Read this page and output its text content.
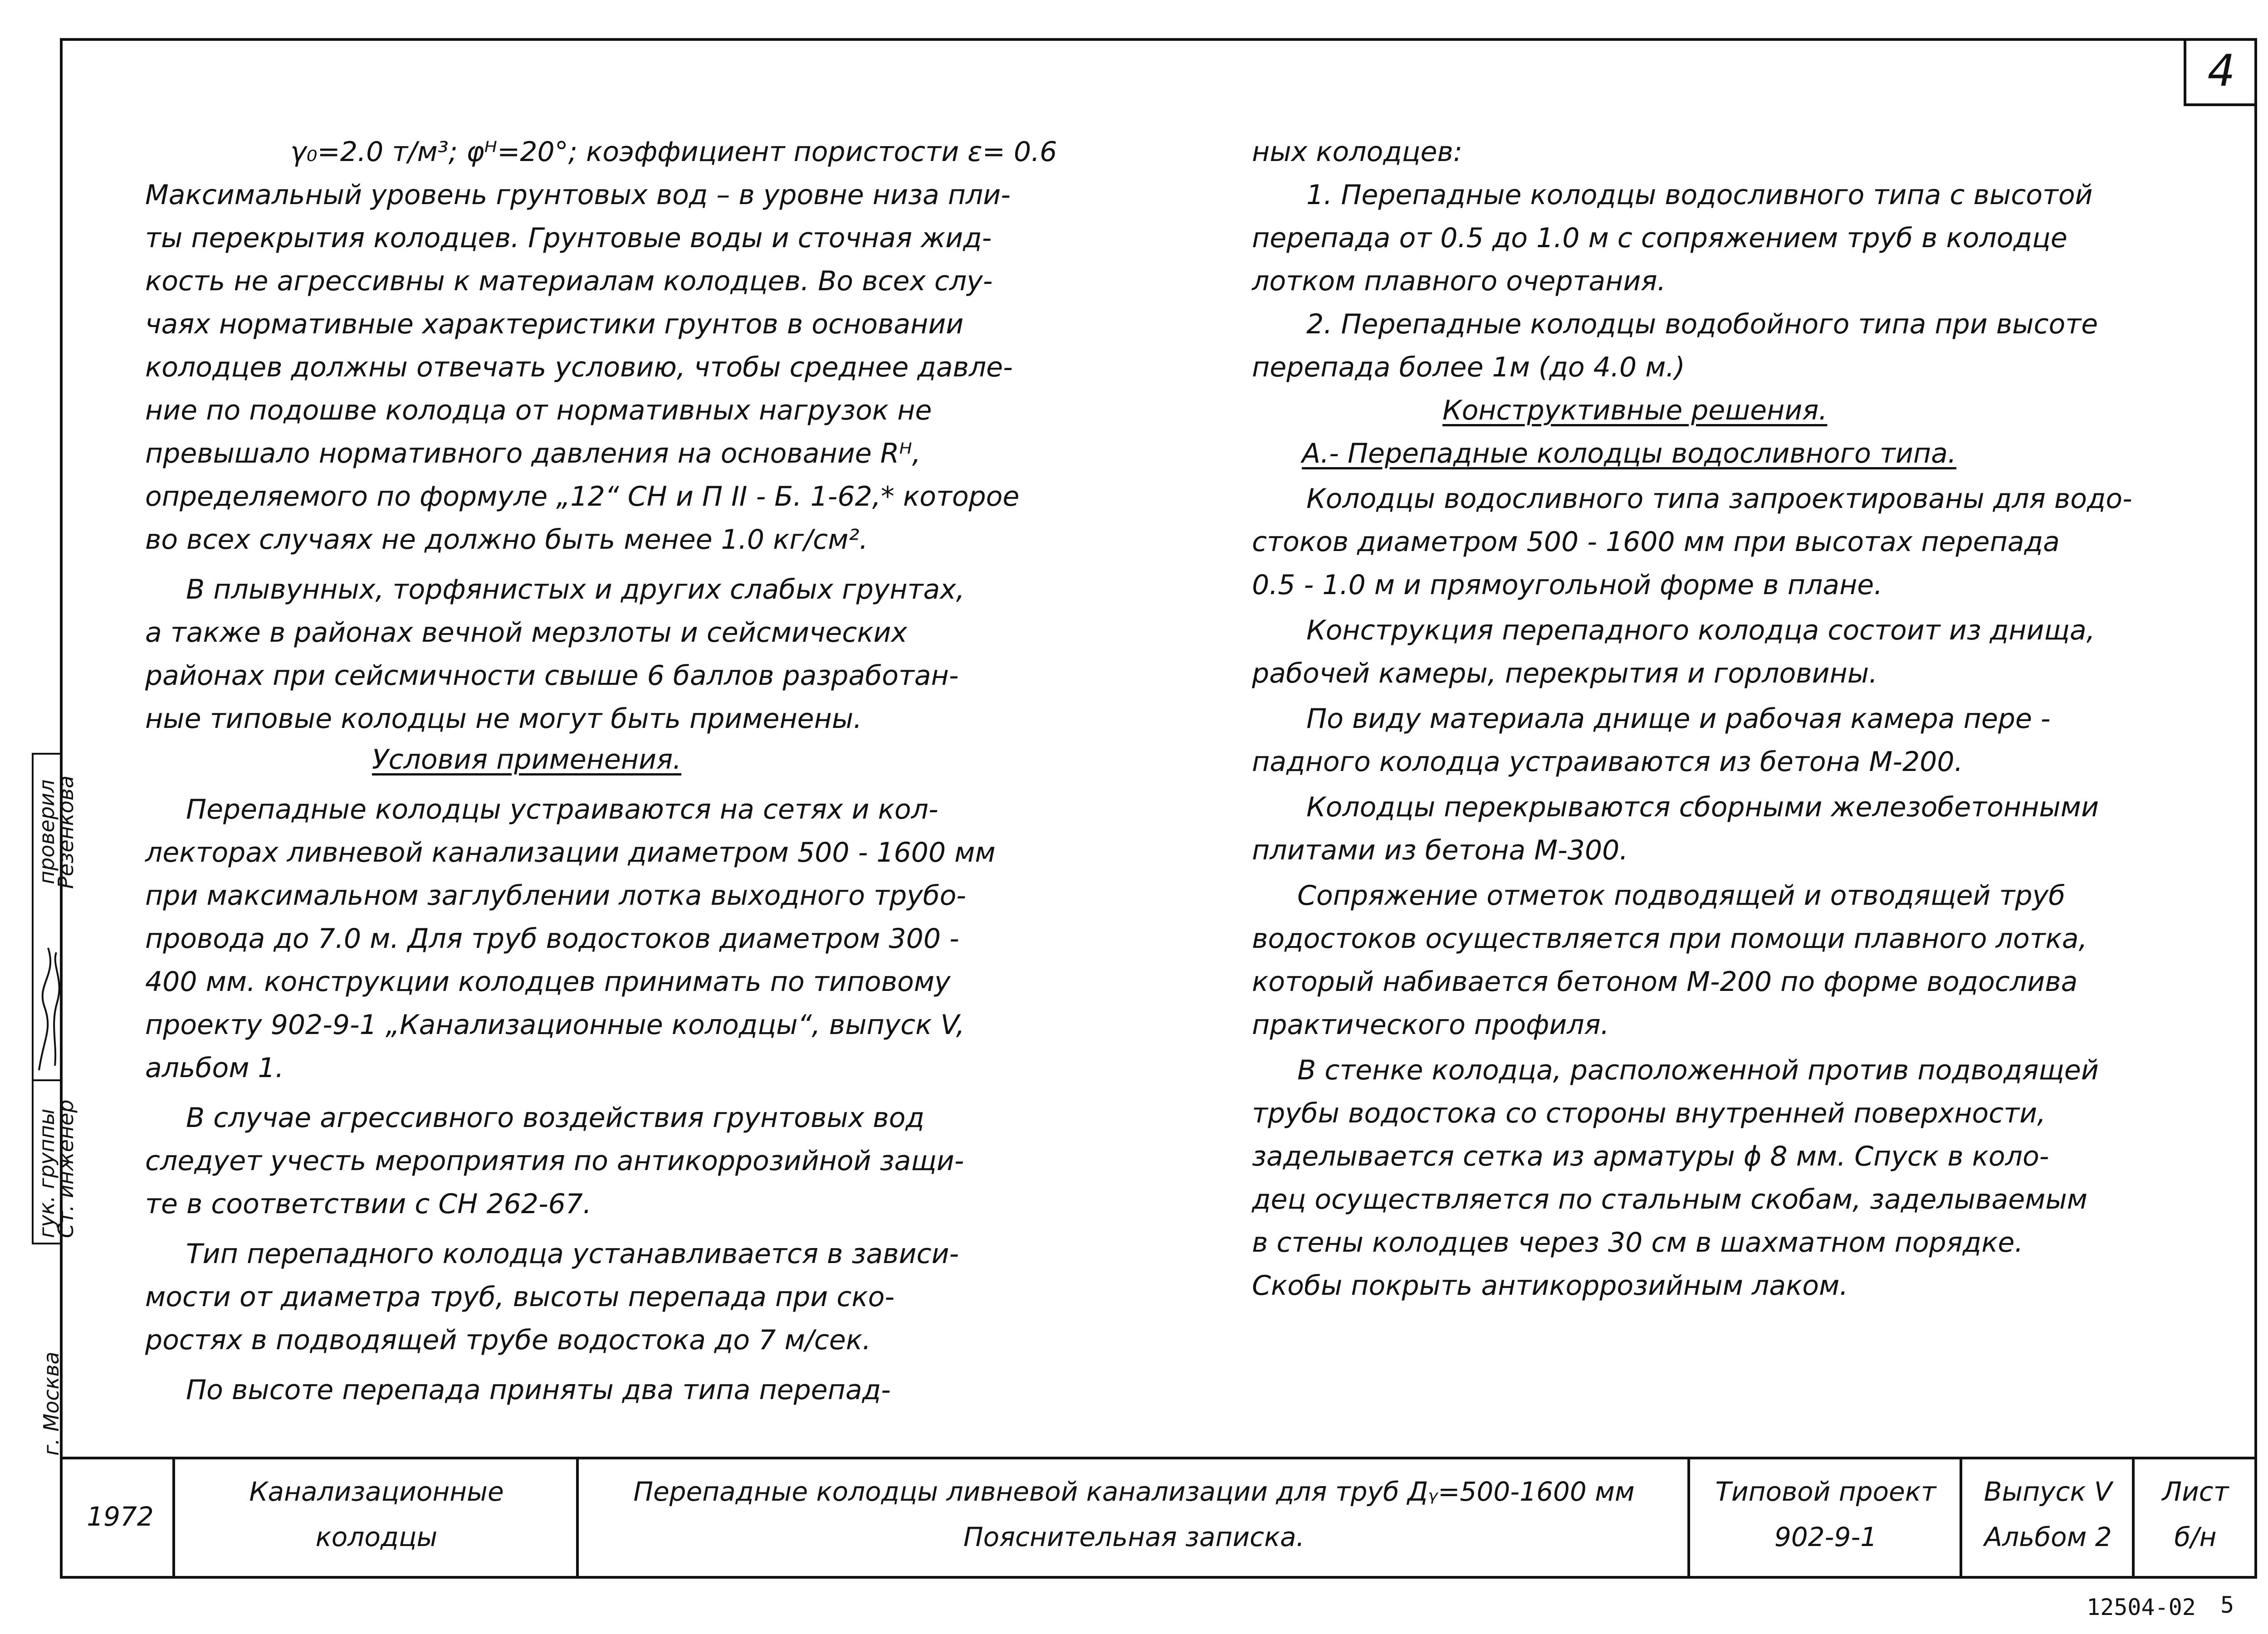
4
γ₀=2.0 т/м³; φᴴ=20°; коэффициент пористости ε= 0.6
Максимальный уровень грунтовых вод – в уровне низа пли-
ты перекрытия колодцев. Грунтовые воды и сточная жид-
кость не агрессивны к материалам колодцев. Во всех слу-
чаях нормативные характеристики грунтов в основании
колодцев должны отвечать условию, чтобы среднее давле-
ние по подошве колодца от нормативных нагрузок не
превышало нормативного давления на основание Rᴴ,
определяемого по формуле „12“ СН и П II - Б. 1-62,* которое
во всех случаях не должно быть менее 1.0 кг/см².
В плывунных, торфянистых и других слабых грунтах,
а также в районах вечной мерзлоты и сейсмических
районах при сейсмичности свыше 6 баллов разработан-
ные типовые колодцы не могут быть применены.
Условия применения.
Перепадные колодцы устраиваются на сетях и кол-
лекторах ливневой канализации диаметром 500 - 1600 мм
при максимальном заглублении лотка выходного трубо-
провода до 7.0 м. Для труб водостоков диаметром 300 -
400 мм. конструкции колодцев принимать по типовому
проекту 902-9-1 „Канализационные колодцы“, выпуск V,
альбом 1.
В случае агрессивного воздействия грунтовых вод
следует учесть мероприятия по антикоррозийной защи-
те в соответствии с СН 262-67.
Тип перепадного колодца устанавливается в зависи-
мости от диаметра труб, высоты перепада при ско-
ростях в подводящей трубе водостока до 7 м/сек.
По высоте перепада приняты два типа перепад-
ных колодцев:
1. Перепадные колодцы водосливного типа с высотой
перепада от 0.5 до 1.0 м с сопряжением труб в колодце
лотком плавного очертания.
2. Перепадные колодцы водобойного типа при высоте
перепада более 1м (до 4.0 м.)
Конструктивные решения.
А.- Перепадные колодцы водосливного типа.
Колодцы водосливного типа запроектированы для водо-
стоков диаметром 500 - 1600 мм при высотах перепада
0.5 - 1.0 м и прямоугольной форме в плане.
Конструкция перепадного колодца состоит из днища,
рабочей камеры, перекрытия и горловины.
По виду материала днище и рабочая камера пере -
падного колодца устраиваются из бетона М-200.
Колодцы перекрываются сборными железобетонными
плитами из бетона М-300.
Сопряжение отметок подводящей и отводящей труб
водостоков осуществляется при помощи плавного лотка,
который набивается бетоном М-200 по форме водослива
практического профиля.
В стенке колодца, расположенной против подводящей
трубы водостока со стороны внутренней поверхности,
заделывается сетка из арматуры ϕ 8 мм. Спуск в коло-
дец осуществляется по стальным скобам, заделываемым
в стены колодцев через 30 см в шахматном порядке.
Скобы покрыть антикоррозийным лаком.
г. Москва
гук. группы
Ст. инженер
проверил
Резенкова
1972
Канализационные
колодцы
Перепадные колодцы ливневой канализации для труб Дᵧ=500-1600 мм
Пояснительная записка.
Типовой проект
902-9-1
Выпуск V
Альбом 2
Лист
б/н
12504-02 5
